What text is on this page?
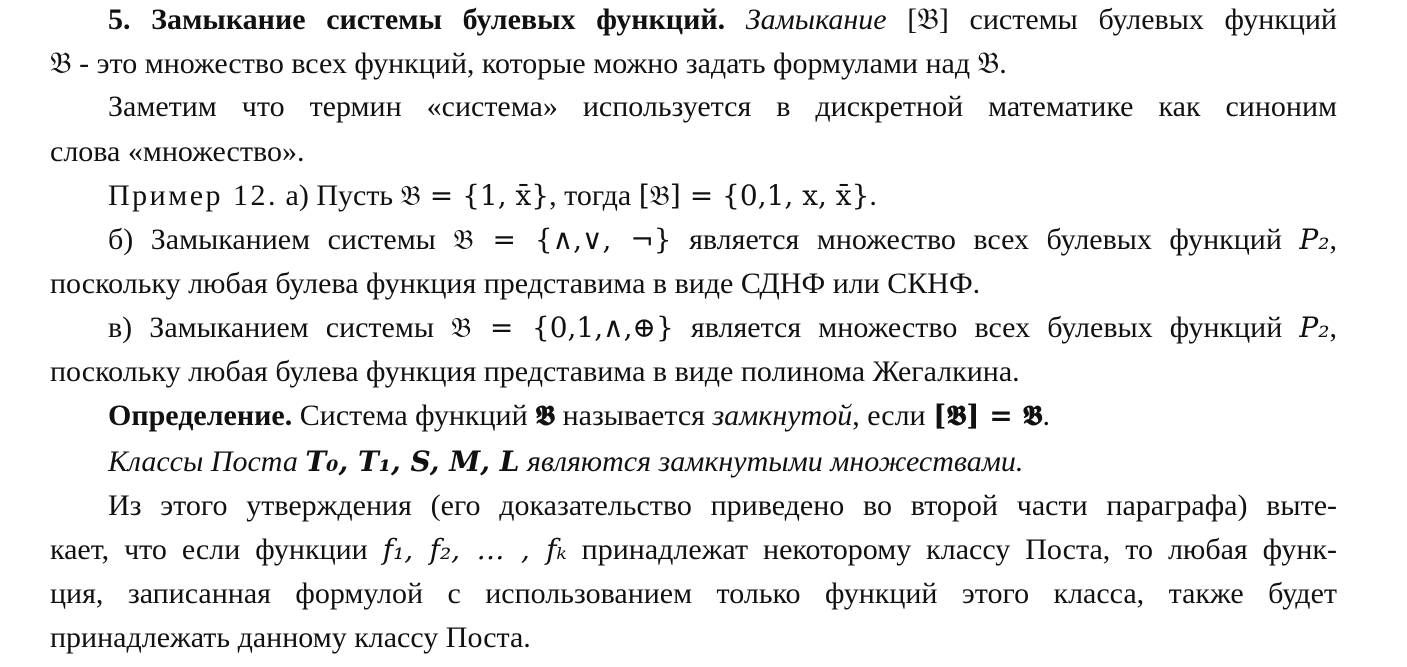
5. Замыкание системы булевых функций. Замыкание [𝔅] системы булевых функций
𝔅 - это множество всех функций, которые можно задать формулами над 𝔅.
Заметим что термин «система» используется в дискретной математике как синоним
слова «множество».
Пример 12. а) Пусть 𝔅 = {1, x̄}, тогда [𝔅] = {0,1, x, x̄}.
б) Замыканием системы 𝔅 = {∧,∨, ¬} является множество всех булевых функций P₂,
поскольку любая булева функция представима в виде СДНФ или СКНФ.
в) Замыканием системы 𝔅 = {0,1,∧,⊕} является множество всех булевых функций P₂,
поскольку любая булева функция представима в виде полинома Жегалкина.
Определение. Система функций 𝕭 называется замкнутой, если [𝕭] = 𝕭.
Классы Поста T₀, T₁, S, M, L являются замкнутыми множествами.
Из этого утверждения (его доказательство приведено во второй части параграфа) выте-
кает, что если функции f₁, f₂, … , fₖ принадлежат некоторому классу Поста, то любая функ-
ция, записанная формулой с использованием только функций этого класса, также будет
принадлежать данному классу Поста.
